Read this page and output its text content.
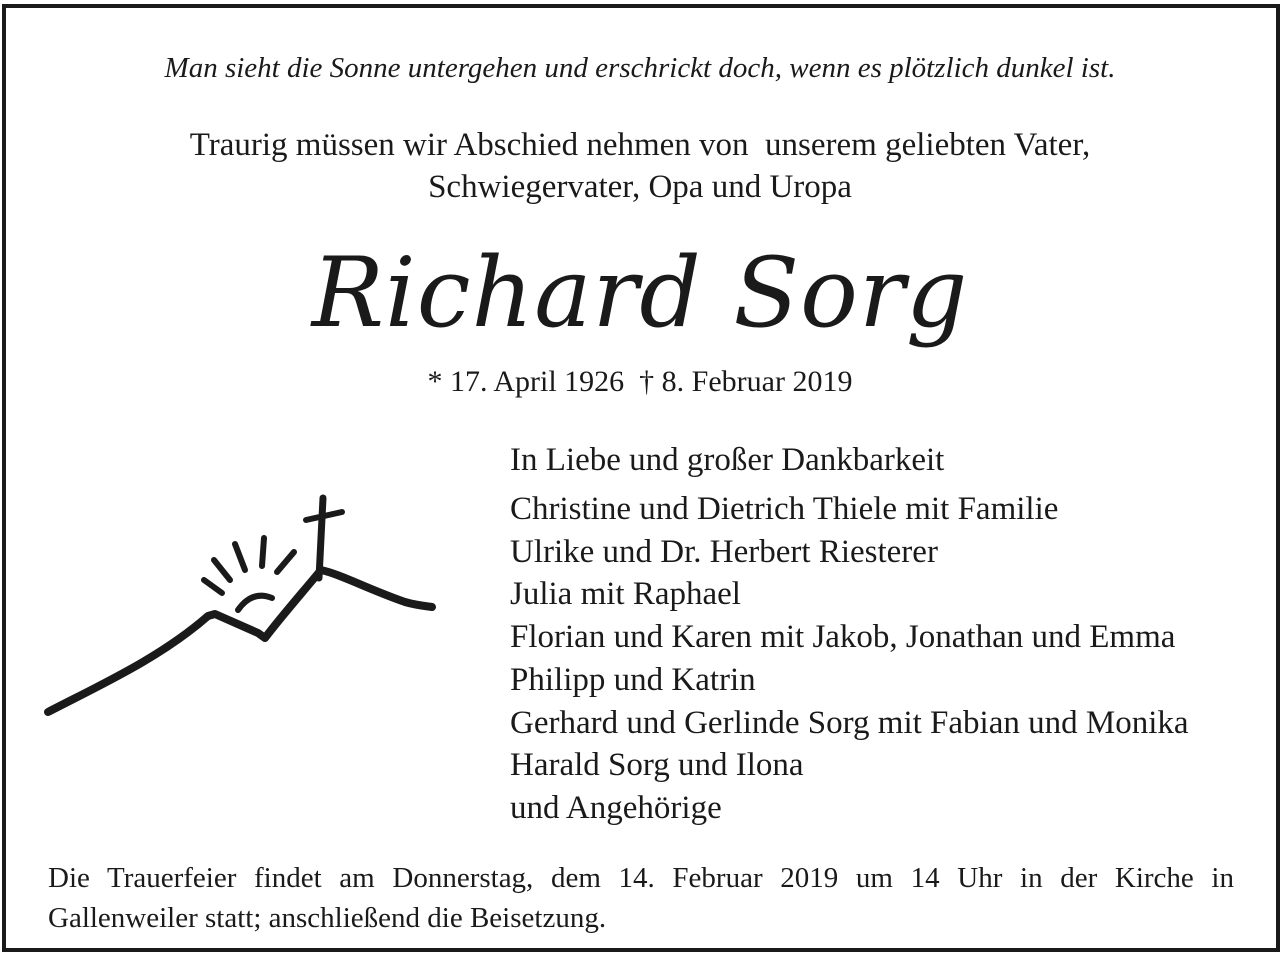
Man sieht die Sonne untergehen und erschrickt doch, wenn es plötzlich dunkel ist.
Traurig müssen wir Abschied nehmen von  unserem geliebten Vater,
Schwiegervater, Opa und Uropa
Richard Sorg
* 17. April 1926  † 8. Februar 2019
In Liebe und großer Dankbarkeit
Christine und Dietrich Thiele mit Familie
Ulrike und Dr. Herbert Riesterer
Julia mit Raphael
Florian und Karen mit Jakob, Jonathan und Emma
Philipp und Katrin
Gerhard und Gerlinde Sorg mit Fabian und Monika
Harald Sorg und Ilona
und Angehörige
Die Trauerfeier findet am Donnerstag, dem 14. Februar 2019 um 14 Uhr in der Kirche in Gallenweiler statt; anschließend die Beisetzung.
